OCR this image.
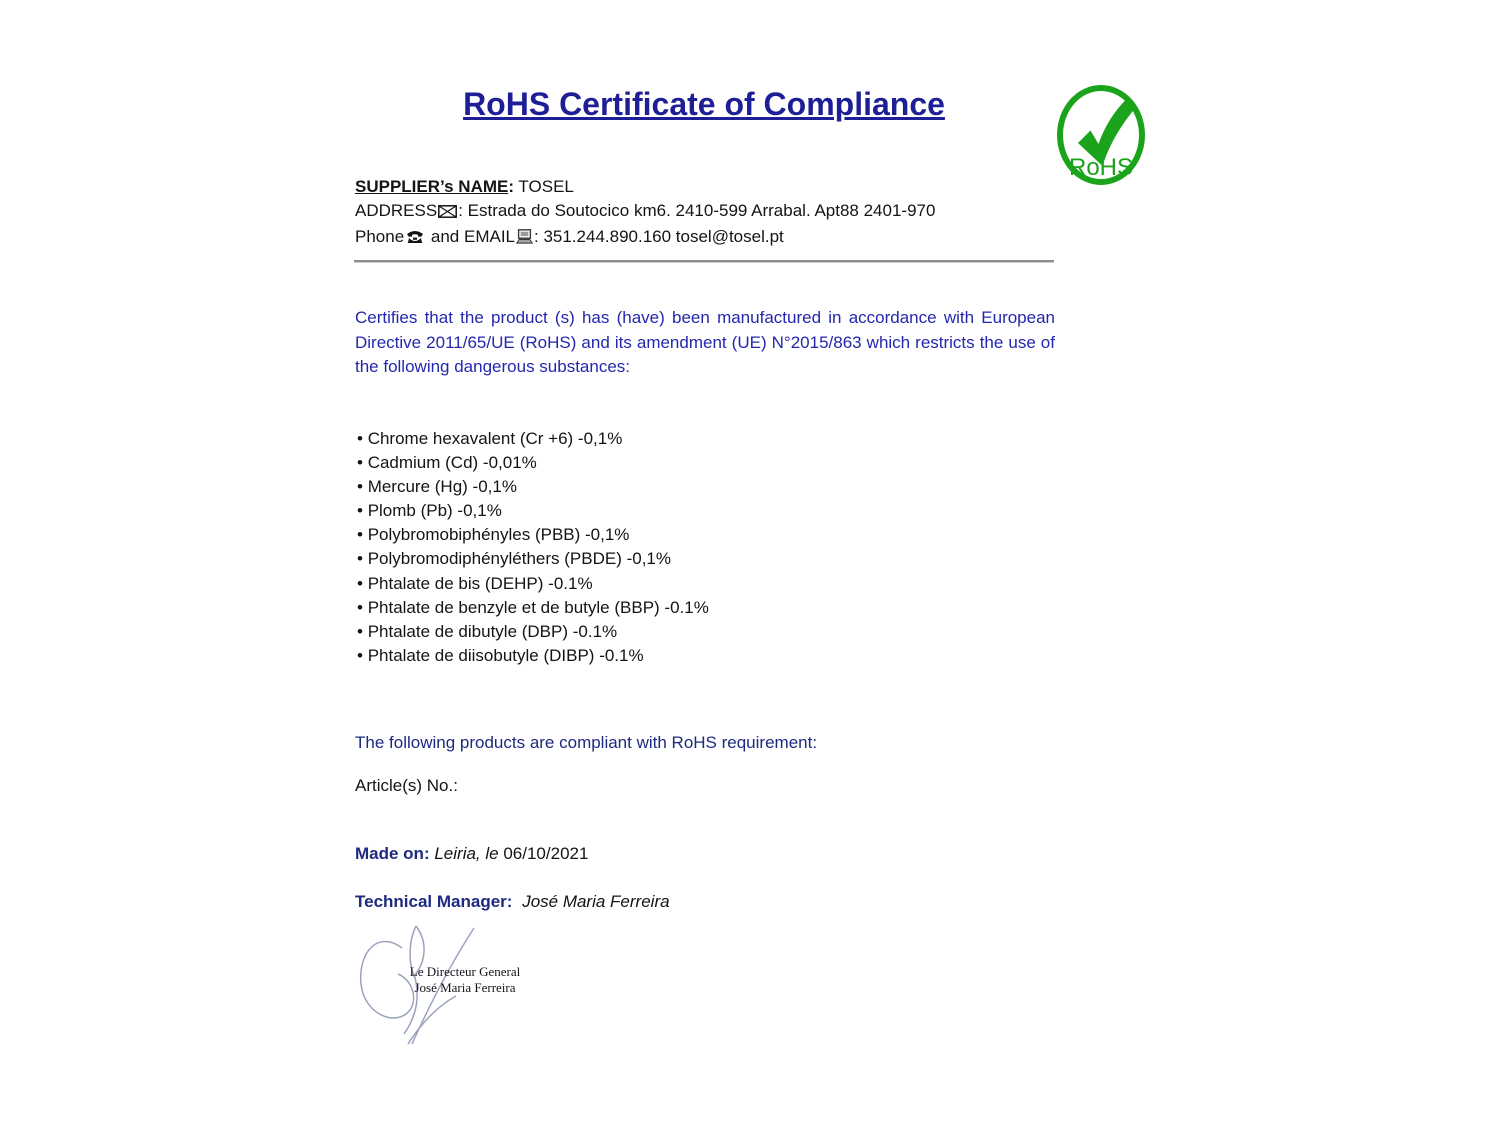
RoHS Certificate of Compliance
RoHS
SUPPLIER’s NAME: TOSEL
ADDRESS : Estrada do Soutocico km6. 2410-599 Arrabal. Apt88 2401-970
Phone and EMAIL : 351.244.890.160 tosel@tosel.pt
Certifies that the product (s) has (have) been manufactured in accordance with European Directive 2011/65/UE (RoHS) and its amendment (UE) N°2015/863 which restricts the use of the following dangerous substances:
• Chrome hexavalent (Cr +6) -0,1%
• Cadmium (Cd) -0,01%
• Mercure (Hg) -0,1%
• Plomb (Pb) -0,1%
• Polybromobiphényles (PBB) -0,1%
• Polybromodiphényléthers (PBDE) -0,1%
• Phtalate de bis (DEHP) -0.1%
• Phtalate de benzyle et de butyle (BBP) -0.1%
• Phtalate de dibutyle (DBP) -0.1%
• Phtalate de diisobutyle (DIBP) -0.1%
The following products are compliant with RoHS requirement:
Article(s) No.:
Made on: Leiria, le 06/10/2021
Technical Manager: José Maria Ferreira
Le Directeur General
José Maria Ferreira
